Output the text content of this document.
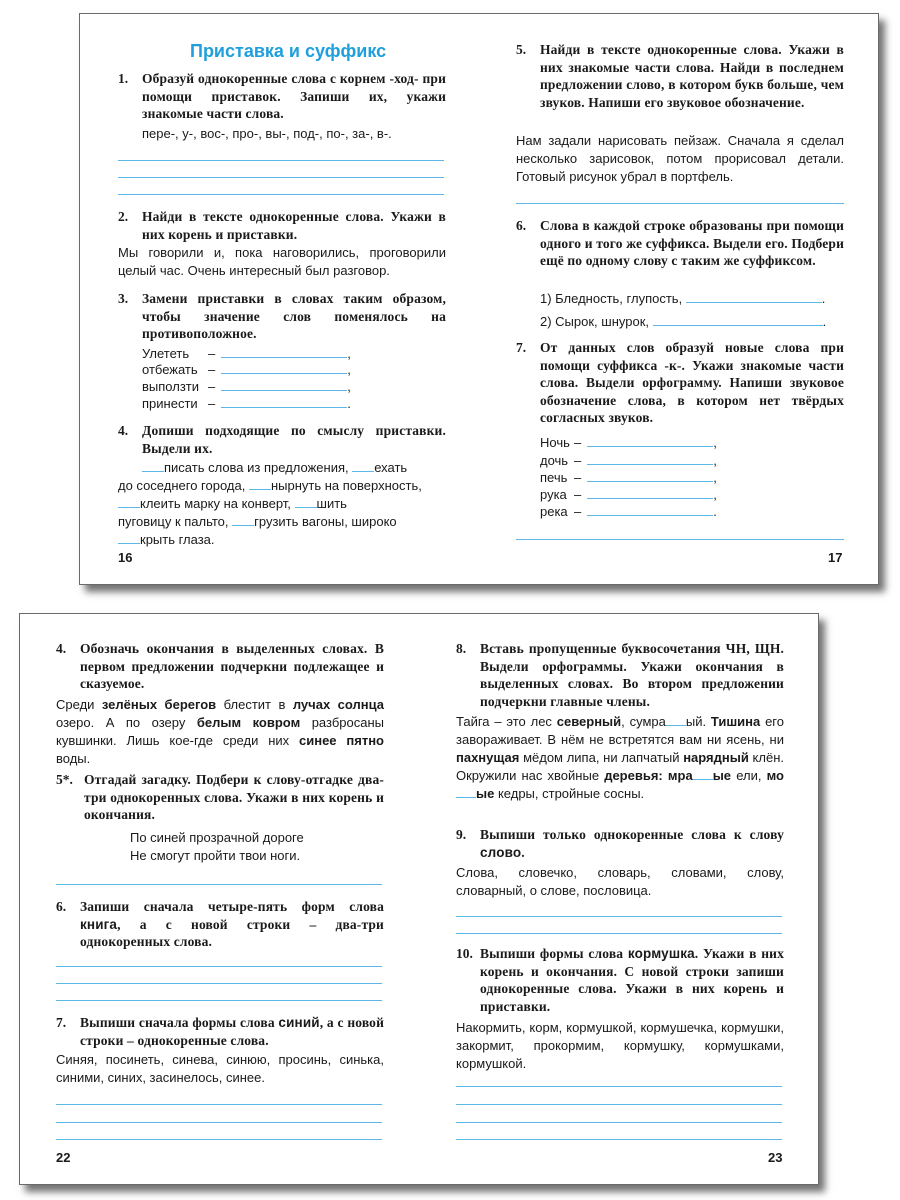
Приставка и суффикс
1. Образуй однокоренные слова с корнем -ход- при помощи приставок. Запиши их, укажи знакомые части слова.
пере-, у-, вос-, про-, вы-, под-, по-, за-, в-.
2. Найди в тексте однокоренные слова. Укажи в них корень и приставки.
Мы говорили и, пока наговорились, проговорили целый час. Очень интересный был разговор.
3. Замени приставки в словах таким образом, чтобы значение слов поменялось на противоположное.
Улететь –	,
отбежать –	,
выползти –	,
принести –	.
4. Допиши подходящие по смыслу приставки. Выдели их.
писать слова из предложения, ехать
до соседнего города, нырнуть на поверхность,
клеить марку на конверт, шить
пуговицу к пальто, грузить вагоны, широко
крыть глаза.
16
5. Найди в тексте однокоренные слова. Укажи в них знакомые части слова. Найди в последнем предложении слово, в котором букв больше, чем звуков. Напиши его звуковое обозначение.
Нам задали нарисовать пейзаж. Сначала я сделал несколько зарисовок, потом прорисовал детали. Готовый рисунок убрал в портфель.
6. Слова в каждой строке образованы при помощи одного и того же суффикса. Выдели его. Подбери ещё по одному слову с таким же суффиксом.
1) Бледность, глупость,	.
2) Сырок, шнурок,	.
7. От данных слов образуй новые слова при помощи суффикса -к-. Укажи знакомые части слова. Выдели орфограмму. Напиши звуковое обозначение слова, в котором нет твёрдых согласных звуков.
Ночь –	,
дочь –	,
печь –	,
рука –	,
река –	.
17
4. Обозначь окончания в выделенных словах. В первом предложении подчеркни подлежащее и сказуемое.
Среди зелёных берегов блестит в лучах солнца озеро. А по озеру белым ковром разбросаны кувшинки. Лишь кое-где среди них синее пятно воды.
5*. Отгадай загадку. Подбери к слову-отгадке два-три однокоренных слова. Укажи в них корень и окончания.
По синей прозрачной дороге
Не смогут пройти твои ноги.
6. Запиши сначала четыре-пять форм слова книга, а с новой строки – два-три однокоренных слова.
7. Выпиши сначала формы слова синий, а с новой строки – однокоренные слова.
Синяя, посинеть, синева, синюю, просинь, синька, синими, синих, засинелось, синее.
22
8. Вставь пропущенные буквосочетания ЧН, ЩН. Выдели орфограммы. Укажи окончания в выделенных словах. Во втором предложении подчеркни главные члены.
Тайга – это лес северный, сумра ый. Тишина его завораживает. В нём не встретятся вам ни ясень, ни пахнущая мёдом липа, ни лапчатый нарядный клён. Окружили нас хвойные деревья: мра ые ели, моые кедры, стройные сосны.
9. Выпиши только однокоренные слова к слову слово.
Слова, словечко, словарь, словами, слову, словарный, о слове, пословица.
10. Выпиши формы слова кормушка. Укажи в них корень и окончания. С новой строки запиши однокоренные слова. Укажи в них корень и приставки.
Накормить, корм, кормушкой, кормушечка, кормушки, закормит, прокормим, кормушку, кормушками, кормушкой.
23
